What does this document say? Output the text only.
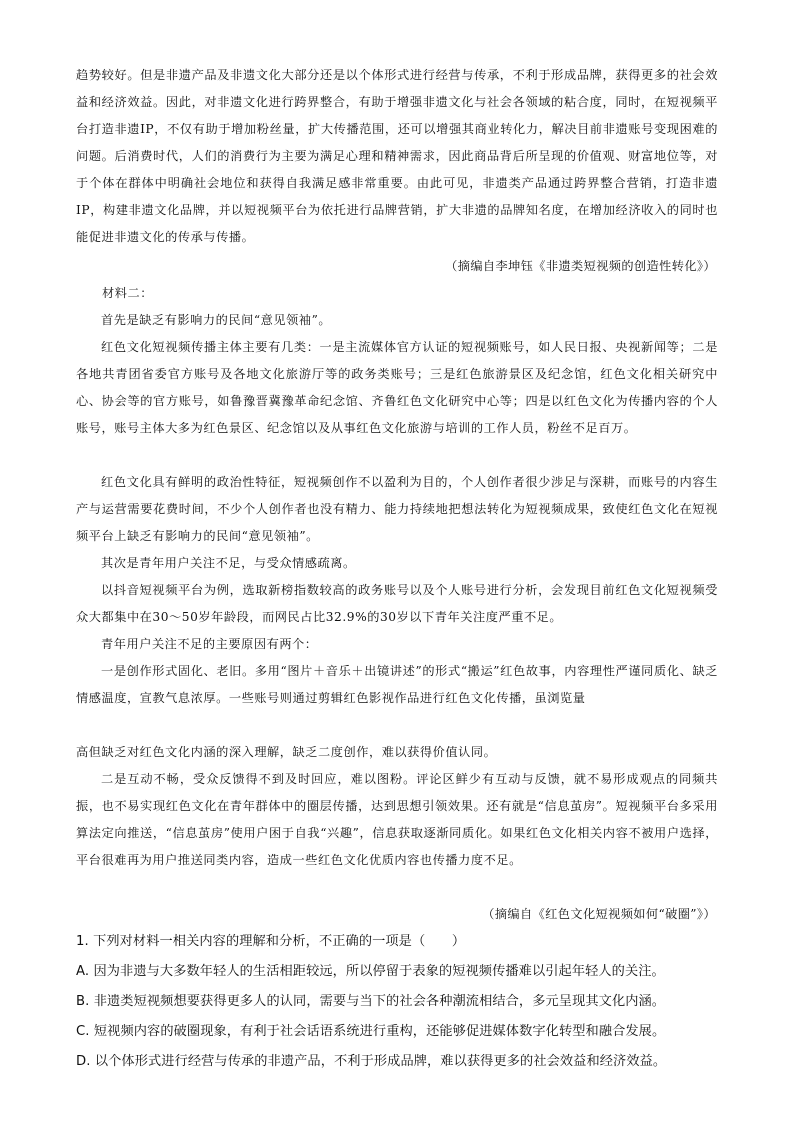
趋势较好。但是非遗产品及非遗文化大部分还是以个体形式进行经营与传承，不利于形成品牌，获得更多的社会效益和经济效益。因此，对非遗文化进行跨界整合，有助于增强非遗文化与社会各领域的粘合度，同时，在短视频平台打造非遗IP，不仅有助于增加粉丝量，扩大传播范围，还可以增强其商业转化力，解决目前非遗账号变现困难的问题。后消费时代，人们的消费行为主要为满足心理和精神需求，因此商品背后所呈现的价值观、财富地位等，对于个体在群体中明确社会地位和获得自我满足感非常重要。由此可见，非遗类产品通过跨界整合营销，打造非遗IP，构建非遗文化品牌，并以短视频平台为依托进行品牌营销，扩大非遗的品牌知名度，在增加经济收入的同时也能促进非遗文化的传承与传播。

（摘编自李坤钰《非遗类短视频的创造性转化》）

材料二：

首先是缺乏有影响力的民间“意见领袖”。

红色文化短视频传播主体主要有几类：一是主流媒体官方认证的短视频账号，如人民日报、央视新闻等；二是各地共青团省委官方账号及各地文化旅游厅等的政务类账号；三是红色旅游景区及纪念馆，红色文化相关研究中心、协会等的官方账号，如鲁豫晋冀豫革命纪念馆、齐鲁红色文化研究中心等；四是以红色文化为传播内容的个人账号，账号主体大多为红色景区、纪念馆以及从事红色文化旅游与培训的工作人员，粉丝不足百万。

红色文化具有鲜明的政治性特征，短视频创作不以盈利为目的，个人创作者很少涉足与深耕，而账号的内容生产与运营需要花费时间，不少个人创作者也没有精力、能力持续地把想法转化为短视频成果，致使红色文化在短视频平台上缺乏有影响力的民间“意见领袖”。

其次是青年用户关注不足，与受众情感疏离。

以抖音短视频平台为例，选取新榜指数较高的政务账号以及个人账号进行分析，会发现目前红色文化短视频受众大都集中在30～50岁年龄段，而网民占比32.9%的30岁以下青年关注度严重不足。

青年用户关注不足的主要原因有两个：

一是创作形式固化、老旧。多用“图片＋音乐＋出镜讲述”的形式“搬运”红色故事，内容理性严谨同质化、缺乏情感温度，宣教气息浓厚。一些账号则通过剪辑红色影视作品进行红色文化传播，虽浏览量

高但缺乏对红色文化内涵的深入理解，缺乏二度创作，难以获得价值认同。

二是互动不畅，受众反馈得不到及时回应，难以图粉。评论区鲜少有互动与反馈，就不易形成观点的同频共振，也不易实现红色文化在青年群体中的圈层传播，达到思想引领效果。还有就是“信息茧房”。短视频平台多采用算法定向推送，“信息茧房”使用户困于自我“兴趣”，信息获取逐渐同质化。如果红色文化相关内容不被用户选择，平台很难再为用户推送同类内容，造成一些红色文化优质内容也传播力度不足。

（摘编自《红色文化短视频如何“破圈”》）

1. 下列对材料一相关内容的理解和分析，不正确的一项是（　　）
A. 因为非遗与大多数年轻人的生活相距较远，所以停留于表象的短视频传播难以引起年轻人的关注。
B. 非遗类短视频想要获得更多人的认同，需要与当下的社会各种潮流相结合，多元呈现其文化内涵。
C. 短视频内容的破圈现象，有利于社会话语系统进行重构，还能够促进媒体数字化转型和融合发展。
D. 以个体形式进行经营与传承的非遗产品，不利于形成品牌，难以获得更多的社会效益和经济效益。
